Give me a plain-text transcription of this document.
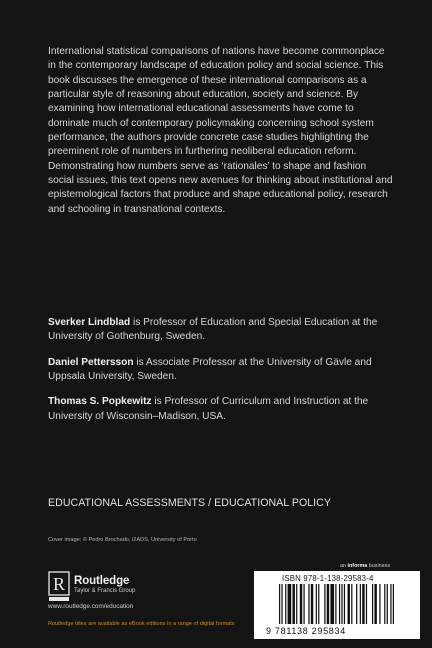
International statistical comparisons of nations have become commonplace in the contemporary landscape of education policy and social science. This book discusses the emergence of these international comparisons as a particular style of reasoning about education, society and science. By examining how international educational assessments have come to dominate much of contemporary policymaking concerning school system performance, the authors provide concrete case studies highlighting the preeminent role of numbers in furthering neoliberal education reform. Demonstrating how numbers serve as ‘rationales’ to shape and fashion social issues, this text opens new avenues for thinking about institutional and epistemological factors that produce and shape educational policy, research and schooling in transnational contexts.

Sverker Lindblad is Professor of Education and Special Education at the University of Gothenburg, Sweden.

Daniel Pettersson is Associate Professor at the University of Gävle and Uppsala University, Sweden.

Thomas S. Popkewitz is Professor of Curriculum and Instruction at the University of Wisconsin–Madison, USA.

EDUCATIONAL ASSESSMENTS / EDUCATIONAL POLICY
Cover image: © Pedro Brochado, i2ADS, University of Porto
R Routledge
Taylor & Francis Group
www.routledge.com/education
Routledge titles are available as eBook editions in a range of digital formats
an informa business
ISBN 978-1-138-29583-4
9 781138 295834
